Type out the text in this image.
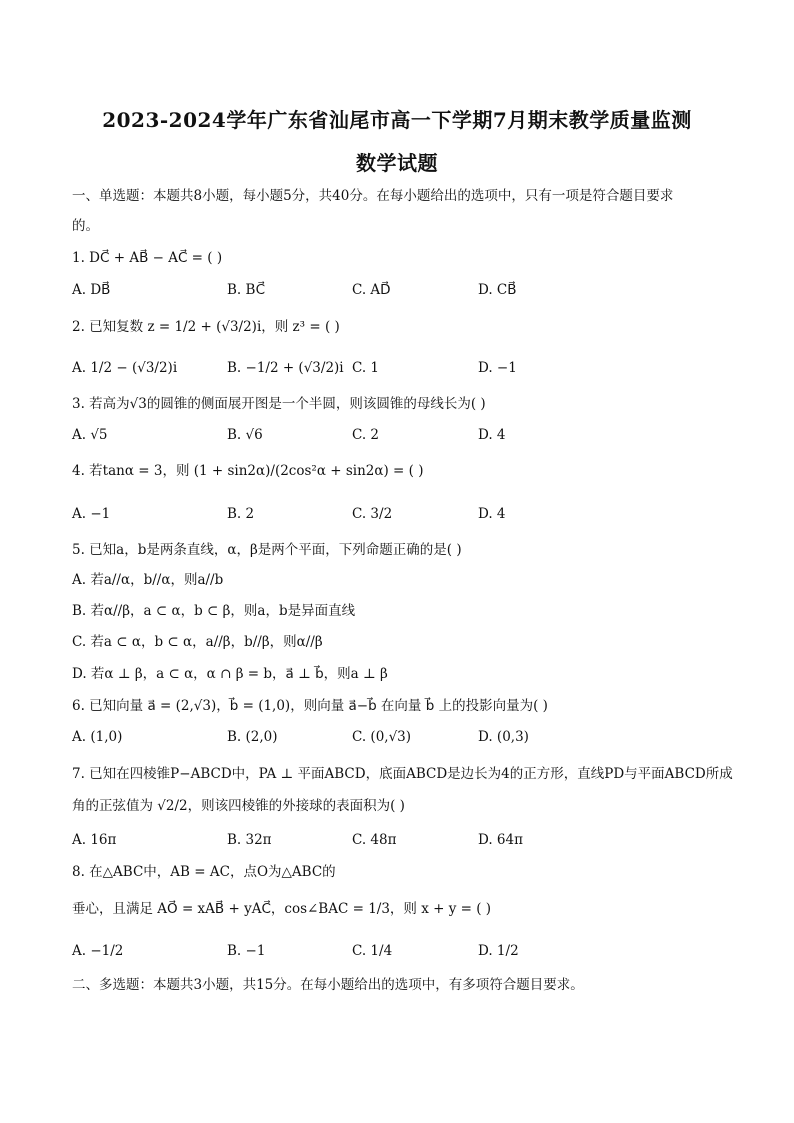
2023-2024学年广东省汕尾市高一下学期7月期末教学质量监测
数学试题
一、单选题：本题共8小题，每小题5分，共40分。在每小题给出的选项中，只有一项是符合题目要求
的。
1. DC⃗ + AB⃗ − AC⃗ = ( )
A. DB⃗	B. BC⃗	C. AD⃗	D. CB⃗
2. 已知复数 z = 1/2 + (√3/2)i，则 z³ = ( )
A. 1/2 − (√3/2)i	B. −1/2 + (√3/2)i C. 1	D. −1
3. 若高为√3的圆锥的侧面展开图是一个半圆，则该圆锥的母线长为( )
A. √5	B. √6	C. 2	D. 4
4. 若tanα = 3，则 (1 + sin2α)/(2cos²α + sin2α) = ( )
A. −1	B. 2	C. 3/2	D. 4
5. 已知a，b是两条直线，α，β是两个平面，下列命题正确的是( )
A. 若a//α，b//α，则a//b
B. 若α//β，a ⊂ α，b ⊂ β，则a，b是异面直线
C. 若a ⊂ α，b ⊂ α，a//β，b//β，则α//β
D. 若α ⊥ β，a ⊂ α，α ∩ β = b，a⃗ ⊥ b⃗，则a ⊥ β
6. 已知向量 a⃗ = (2,√3)，b⃗ = (1,0)，则向量 a⃗−b⃗ 在向量 b⃗ 上的投影向量为( )
A. (1,0)	B. (2,0)	C. (0,√3)	D. (0,3)
7. 已知在四棱锥P−ABCD中，PA ⊥ 平面ABCD，底面ABCD是边长为4的正方形，直线PD与平面ABCD所成
角的正弦值为 √2/2，则该四棱锥的外接球的表面积为( )
A. 16π	B. 32π	C. 48π	D. 64π
8. 在△ABC中，AB = AC，点O为△ABC的
垂心，且满足 AO⃗ = xAB⃗ + yAC⃗，cos∠BAC = 1/3，则 x + y = ( )
A. −1/2	B. −1	C. 1/4	D. 1/2
二、多选题：本题共3小题，共15分。在每小题给出的选项中，有多项符合题目要求。
